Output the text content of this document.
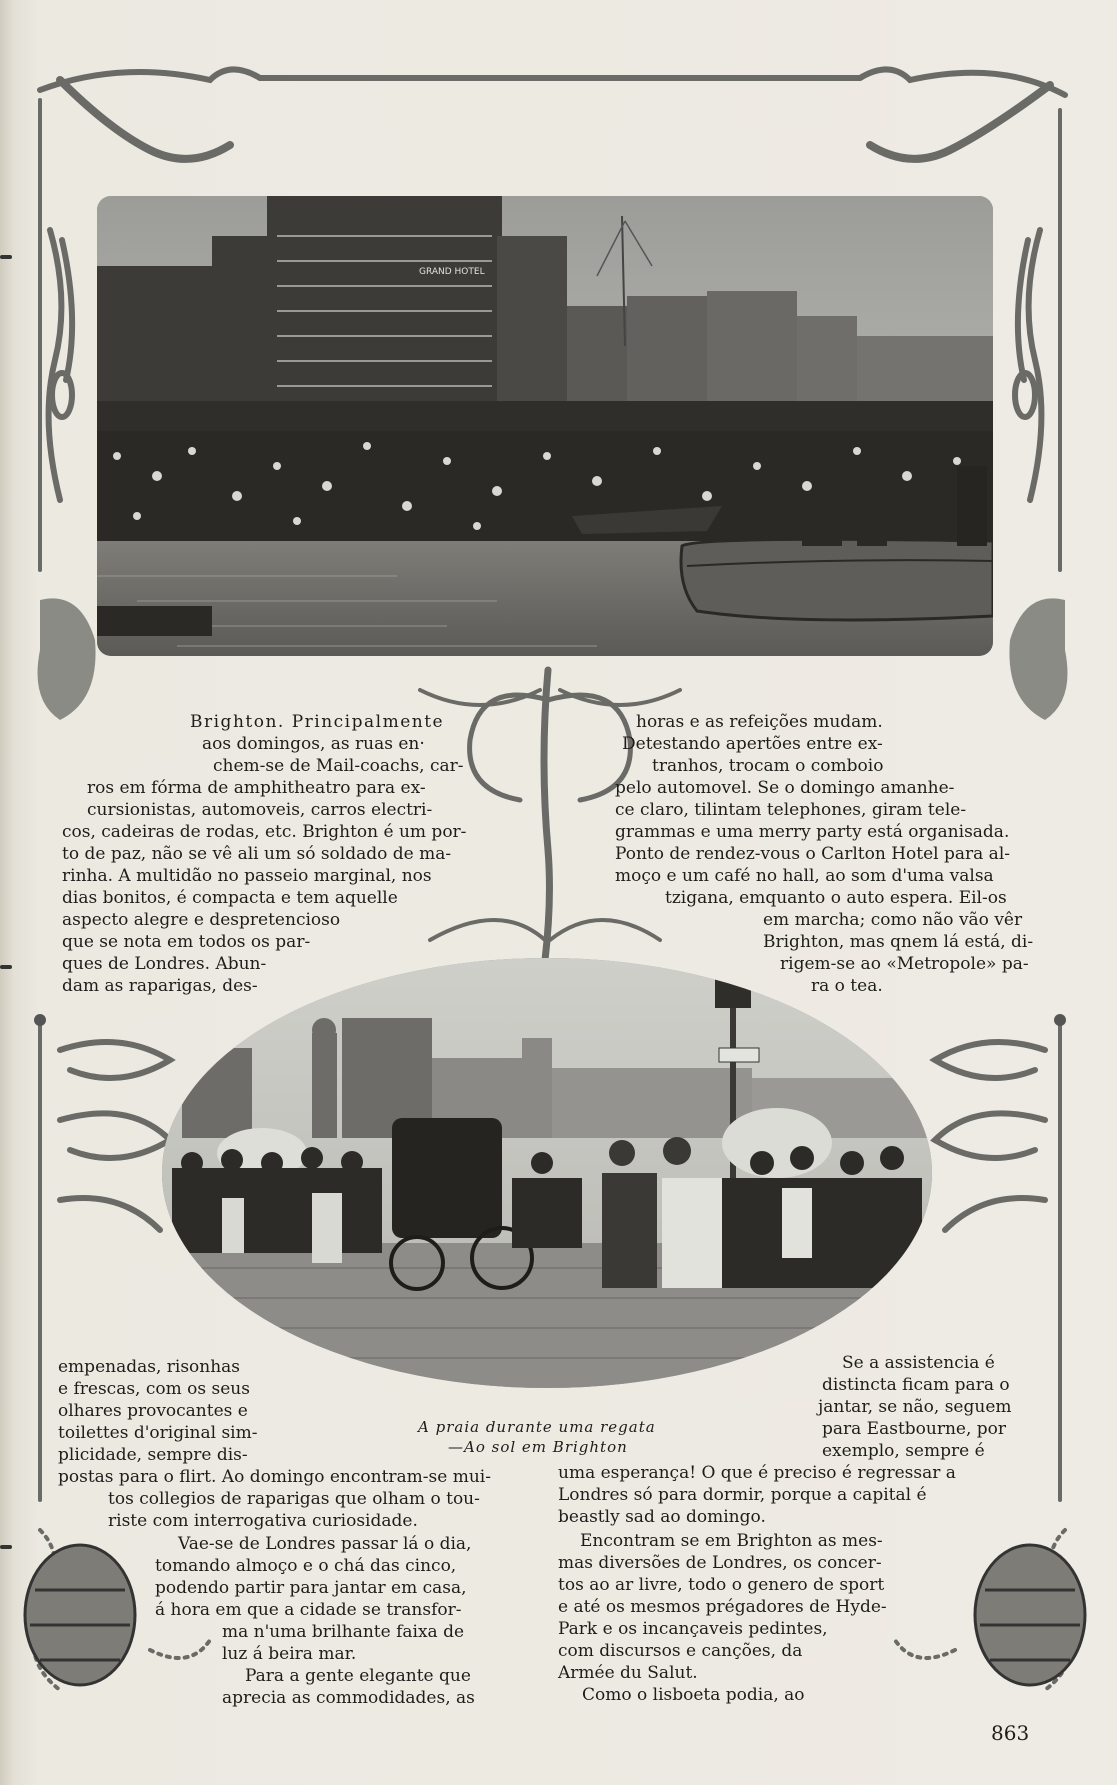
GRAND HOTEL
Brighton. Principalmente
aos domingos, as ruas en·
chem-se de Mail-coachs, car-
ros em fórma de amphitheatro para ex-
cursionistas, automoveis, carros electri-
cos, cadeiras de rodas, etc. Brighton é um por-
to de paz, não se vê ali um só soldado de ma-
rinha. A multidão no passeio marginal, nos
dias bonitos, é compacta e tem aquelle
aspecto alegre e despretencioso
que se nota em todos os par-
ques de Londres. Abun-
dam as raparigas, des-
horas e as refeições mudam.
Detestando apertões entre ex-
tranhos, trocam o comboio
pelo automovel. Se o domingo amanhe-
ce claro, tilintam telephones, giram tele-
grammas e uma merry party está organisada.
Ponto de rendez-vous o Carlton Hotel para al-
moço e um café no hall, ao som d'uma valsa
tzigana, emquanto o auto espera. Eil-os
em marcha; como não vão vêr
Brighton, mas qnem lá está, di-
rigem-se ao «Metropole» pa-
ra o tea.
A praia durante uma regata
—Ao sol em Brighton
empenadas, risonhas
e frescas, com os seus
olhares provocantes e
toilettes d'original sim-
plicidade, sempre dis-
postas para o flirt. Ao domingo encontram-se mui-
tos collegios de raparigas que olham o tou-
riste com interrogativa curiosidade.
Vae-se de Londres passar lá o dia,
tomando almoço e o chá das cinco,
podendo partir para jantar em casa,
á hora em que a cidade se transfor-
ma n'uma brilhante faixa de
luz á beira mar.
Para a gente elegante que
aprecia as commodidades, as
Se a assistencia é
distincta ficam para o
jantar, se não, seguem
para Eastbourne, por
exemplo, sempre é
uma esperança! O que é preciso é regressar a
Londres só para dormir, porque a capital é
beastly sad ao domingo.
Encontram se em Brighton as mes-
mas diversões de Londres, os concer-
tos ao ar livre, todo o genero de sport
e até os mesmos prégadores de Hyde-
Park e os incançaveis pedintes,
com discursos e canções, da
Armée du Salut.
Como o lisboeta podia, ao
863
